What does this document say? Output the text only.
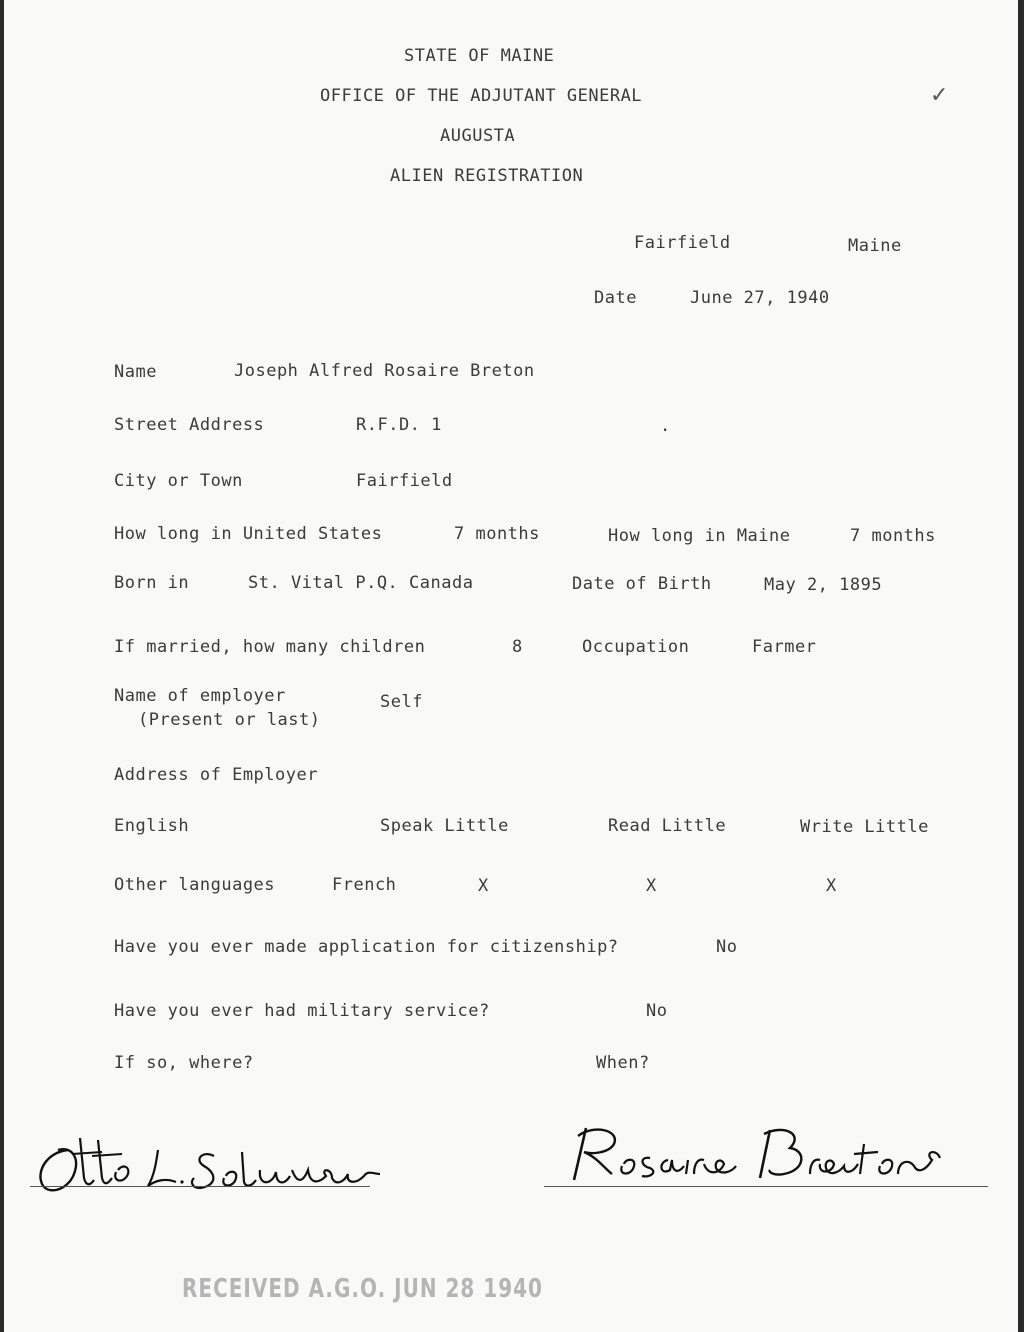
STATE OF MAINE
OFFICE OF THE ADJUTANT GENERAL
AUGUSTA
ALIEN REGISTRATION
✓
Fairfield	Maine
Date	June 27, 1940
Name	Joseph Alfred Rosaire Breton
Street Address	R.F.D. 1	.
City or Town	Fairfield
How long in United States	7 months	How long in Maine	7 months
Born in	St. Vital P.Q. Canada	Date of Birth	May 2, 1895
If married, how many children	8	Occupation	Farmer
Name of employer
(Present or last)
Self
Address of Employer
English	Speak Little	Read Little	Write Little
Other languages	French	X	X	X
Have you ever made application for citizenship?	No
Have you ever had military service?	No
If so, where?	When?
RECEIVED A.G.O. JUN 28 1940
